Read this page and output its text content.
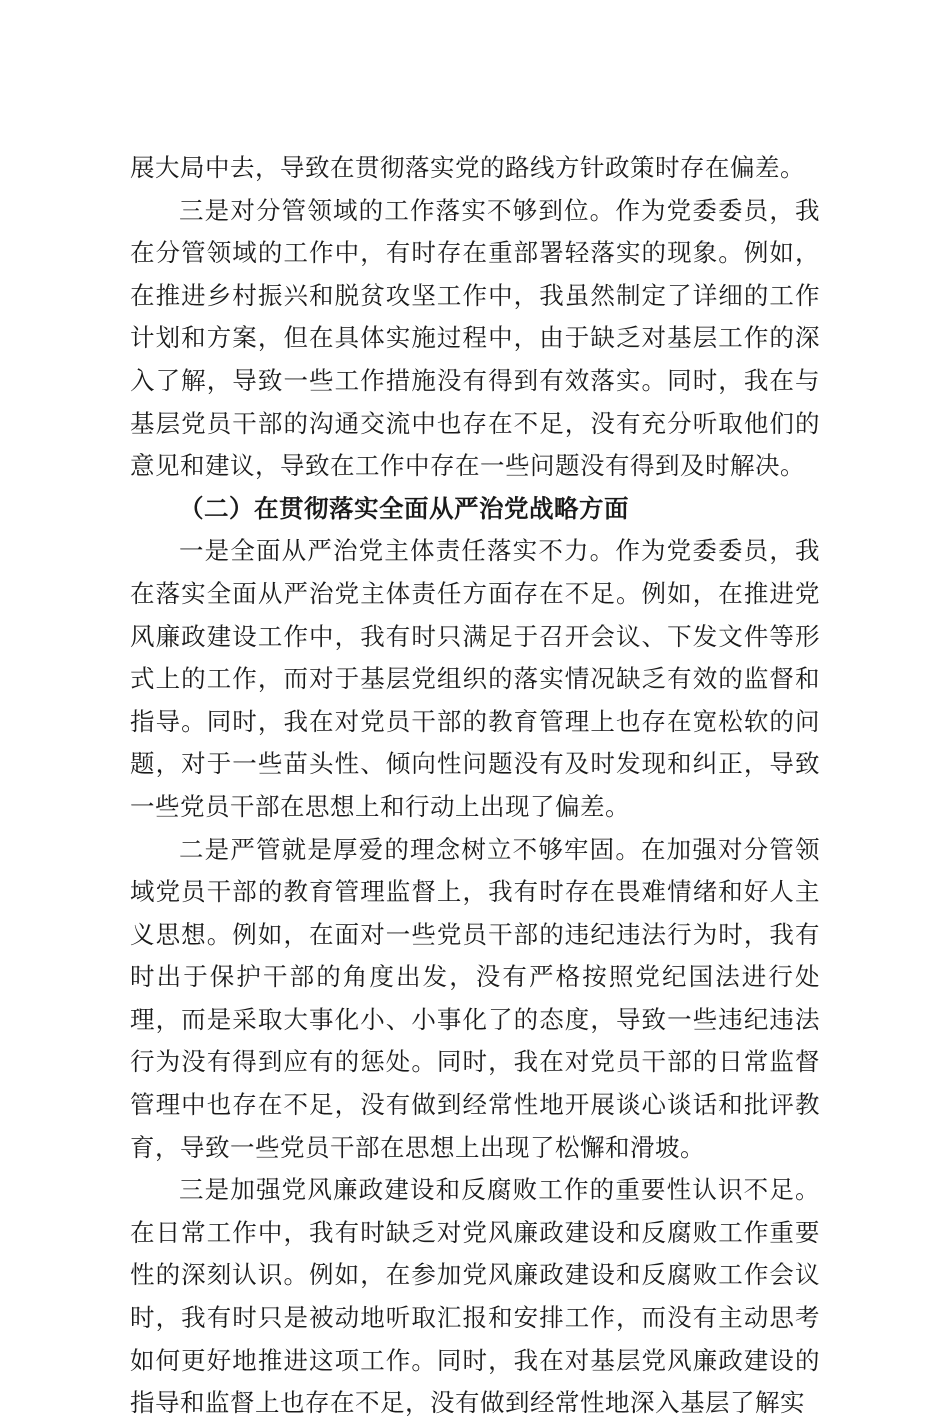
展大局中去，导致在贯彻落实党的路线方针政策时存在偏差。

三是对分管领域的工作落实不够到位。作为党委委员，我在分管领域的工作中，有时存在重部署轻落实的现象。例如，在推进乡村振兴和脱贫攻坚工作中，我虽然制定了详细的工作计划和方案，但在具体实施过程中，由于缺乏对基层工作的深入了解，导致一些工作措施没有得到有效落实。同时，我在与基层党员干部的沟通交流中也存在不足，没有充分听取他们的意见和建议，导致在工作中存在一些问题没有得到及时解决。

（二）在贯彻落实全面从严治党战略方面

一是全面从严治党主体责任落实不力。作为党委委员，我在落实全面从严治党主体责任方面存在不足。例如，在推进党风廉政建设工作中，我有时只满足于召开会议、下发文件等形式上的工作，而对于基层党组织的落实情况缺乏有效的监督和指导。同时，我在对党员干部的教育管理上也存在宽松软的问题，对于一些苗头性、倾向性问题没有及时发现和纠正，导致一些党员干部在思想上和行动上出现了偏差。

二是严管就是厚爱的理念树立不够牢固。在加强对分管领域党员干部的教育管理监督上，我有时存在畏难情绪和好人主义思想。例如，在面对一些党员干部的违纪违法行为时，我有时出于保护干部的角度出发，没有严格按照党纪国法进行处理，而是采取大事化小、小事化了的态度，导致一些违纪违法行为没有得到应有的惩处。同时，我在对党员干部的日常监督管理中也存在不足，没有做到经常性地开展谈心谈话和批评教育，导致一些党员干部在思想上出现了松懈和滑坡。

三是加强党风廉政建设和反腐败工作的重要性认识不足。在日常工作中，我有时缺乏对党风廉政建设和反腐败工作重要性的深刻认识。例如，在参加党风廉政建设和反腐败工作会议时，我有时只是被动地听取汇报和安排工作，而没有主动思考如何更好地推进这项工作。同时，我在对基层党风廉政建设的指导和监督上也存在不足，没有做到经常性地深入基层了解实
